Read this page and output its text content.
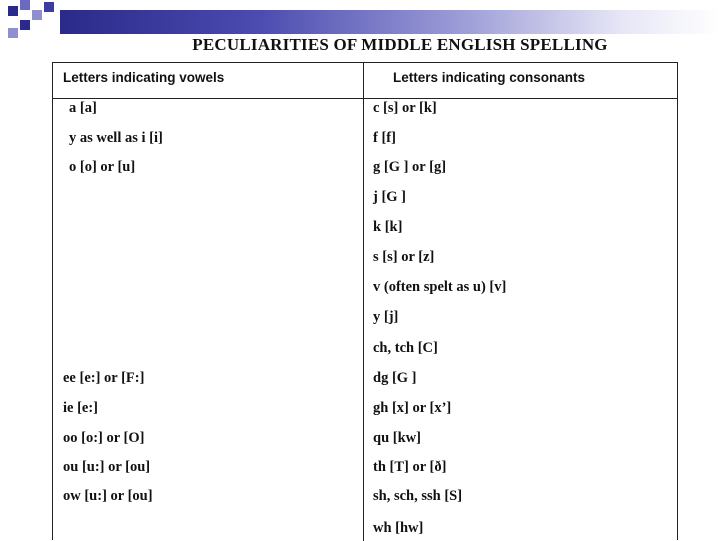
PECULIARITIES OF MIDDLE ENGLISH SPELLING
Letters indicating vowels	Letters indicating consonants
a [a]
y as well as i [i]
o [o] or [u]
ee [e:] or [F:]
ie [e:]
oo [o:] or [O]
ou [u:] or [ou]
ow [u:] or [ou]
c [s] or [k]
f [f]
g [G ] or [g]
j [G ]
k [k]
s [s] or [z]
v (often spelt as u) [v]
y [j]
ch, tch [C]
dg [G ]
gh [x] or [x’]
qu [kw]
th [T] or [ð]
sh, sch, ssh [S]
wh [hw]
